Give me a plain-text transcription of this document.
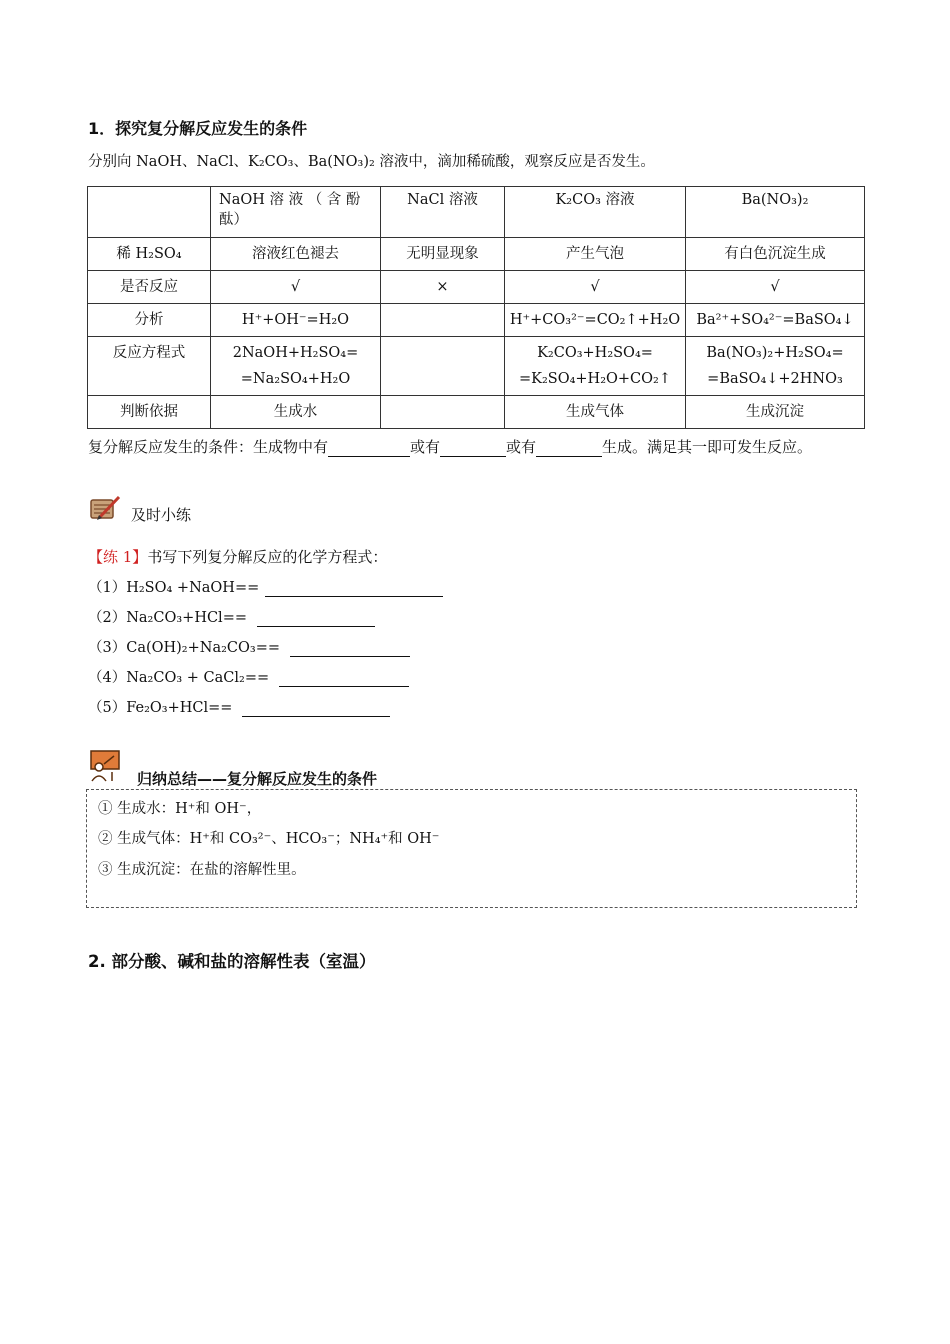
1．探究复分解反应发生的条件
分别向 NaOH、NaCl、K₂CO₃、Ba(NO₃)₂ 溶液中，滴加稀硫酸，观察反应是否发生。
	NaOH 溶 液 （ 含 酚 酞）	NaCl 溶液	K₂CO₃ 溶液	Ba(NO₃)₂
稀 H₂SO₄	溶液红色褪去	无明显现象	产生气泡	有白色沉淀生成
是否反应	√	×	√	√
分析	H⁺+OH⁻=H₂O		H⁺+CO₃²⁻=CO₂↑+H₂O	Ba²⁺+SO₄²⁻=BaSO₄↓
反应方程式	2NaOH+H₂SO₄=
=Na₂SO₄+H₂O		K₂CO₃+H₂SO₄=
=K₂SO₄+H₂O+CO₂↑	Ba(NO₃)₂+H₂SO₄=
=BaSO₄↓+2HNO₃
判断依据	生成水		生成气体	生成沉淀
复分解反应发生的条件：生成物中有	或有	或有	生成。满足其一即可发生反应。
及时小练
【练 1】书写下列复分解反应的化学方程式：
（1）H₂SO₄ +NaOH==
（2）Na₂CO₃+HCl==
（3）Ca(OH)₂+Na₂CO₃==
（4）Na₂CO₃ + CaCl₂==
（5）Fe₂O₃+HCl==
归纳总结——复分解反应发生的条件
① 生成水：H⁺和 OH⁻，
② 生成气体：H⁺和 CO₃²⁻、HCO₃⁻；NH₄⁺和 OH⁻
③ 生成沉淀：在盐的溶解性里。
2. 部分酸、碱和盐的溶解性表（室温）
